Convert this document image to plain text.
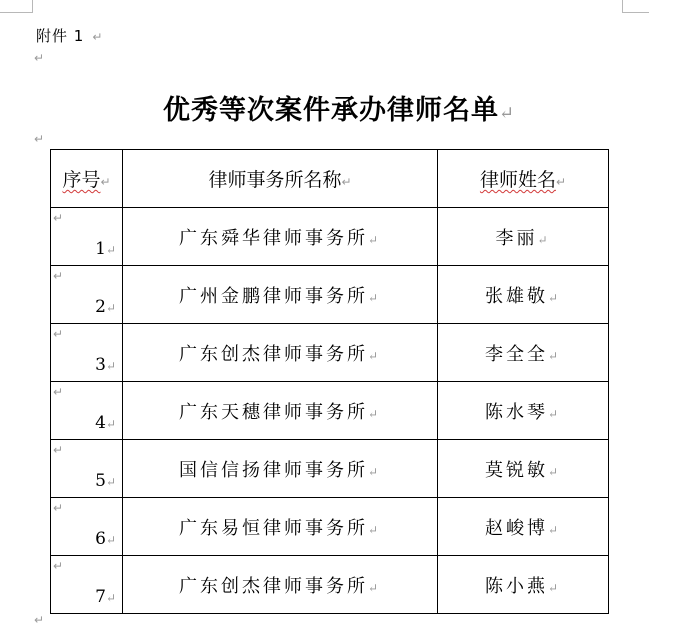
附件 1 ↵
↵
优秀等次案件承办律师名单↵
↵
序号↵	律师事务所名称↵	律师姓名↵

↵
1↵	广东舜华律师事务所↵	李丽↵

↵
2↵	广州金鹏律师事务所↵	张雄敬↵

↵
3↵	广东创杰律师事务所↵	李全全↵

↵
4↵	广东天穗律师事务所↵	陈水琴↵

↵
5↵	国信信扬律师事务所↵	莫锐敏↵

↵
6↵	广东易恒律师事务所↵	赵峻博↵

↵
7↵	广东创杰律师事务所↵	陈小燕↵
↵
